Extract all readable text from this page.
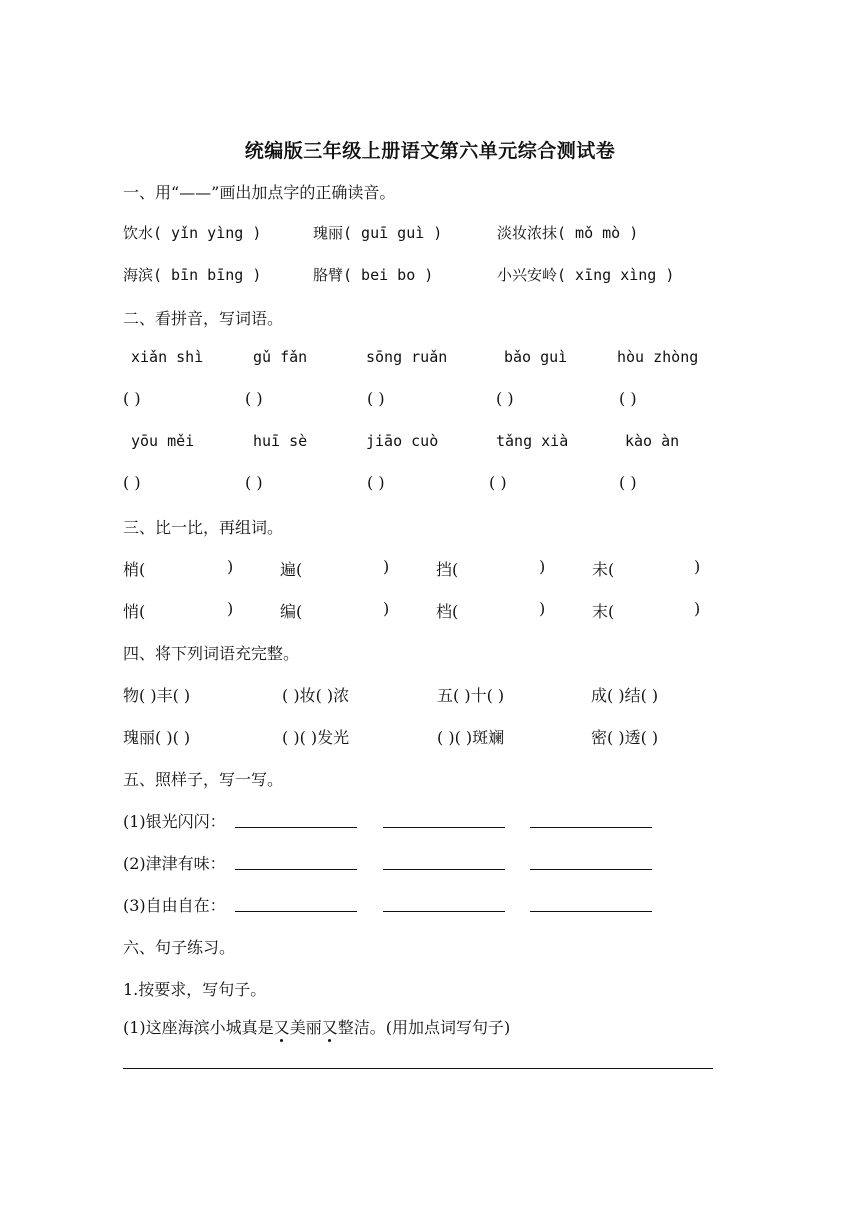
统编版三年级上册语文第六单元综合测试卷
一、用“——”画出加点字的正确读音。
饮水( yǐn yìng )	瑰丽( guī guì )	淡妆浓抹( mǒ mò )
海滨( bīn bīng )	胳臂( bei bo )	小兴安岭( xīng xìng )
二、看拼音，写词语。
xiǎn shì	gǔ fǎn	sōng ruǎn	bǎo guì	hòu zhòng
( )	( )	( )	( )	( )
yōu měi	huī sè	jiāo cuò	tǎng xià	kào àn
( )	( )	( )	( )	( )
三、比一比，再组词。
梢(	)	遍(	)	挡(	)	未(	)
悄(	)	编(	)	档(	)	末(	)
四、将下列词语充完整。
物( )丰( )	( )妆( )浓	五( )十( )	成( )结( )
瑰丽( )( )	( )( )发光	( )( )斑斓	密( )透( )
五、照样子，写一写。
(1)银光闪闪：
(2)津津有味：
(3)自由自在：
六、句子练习。
1.按要求，写句子。
(1)这座海滨小城真是又美丽又整洁。(用加点词写句子)
